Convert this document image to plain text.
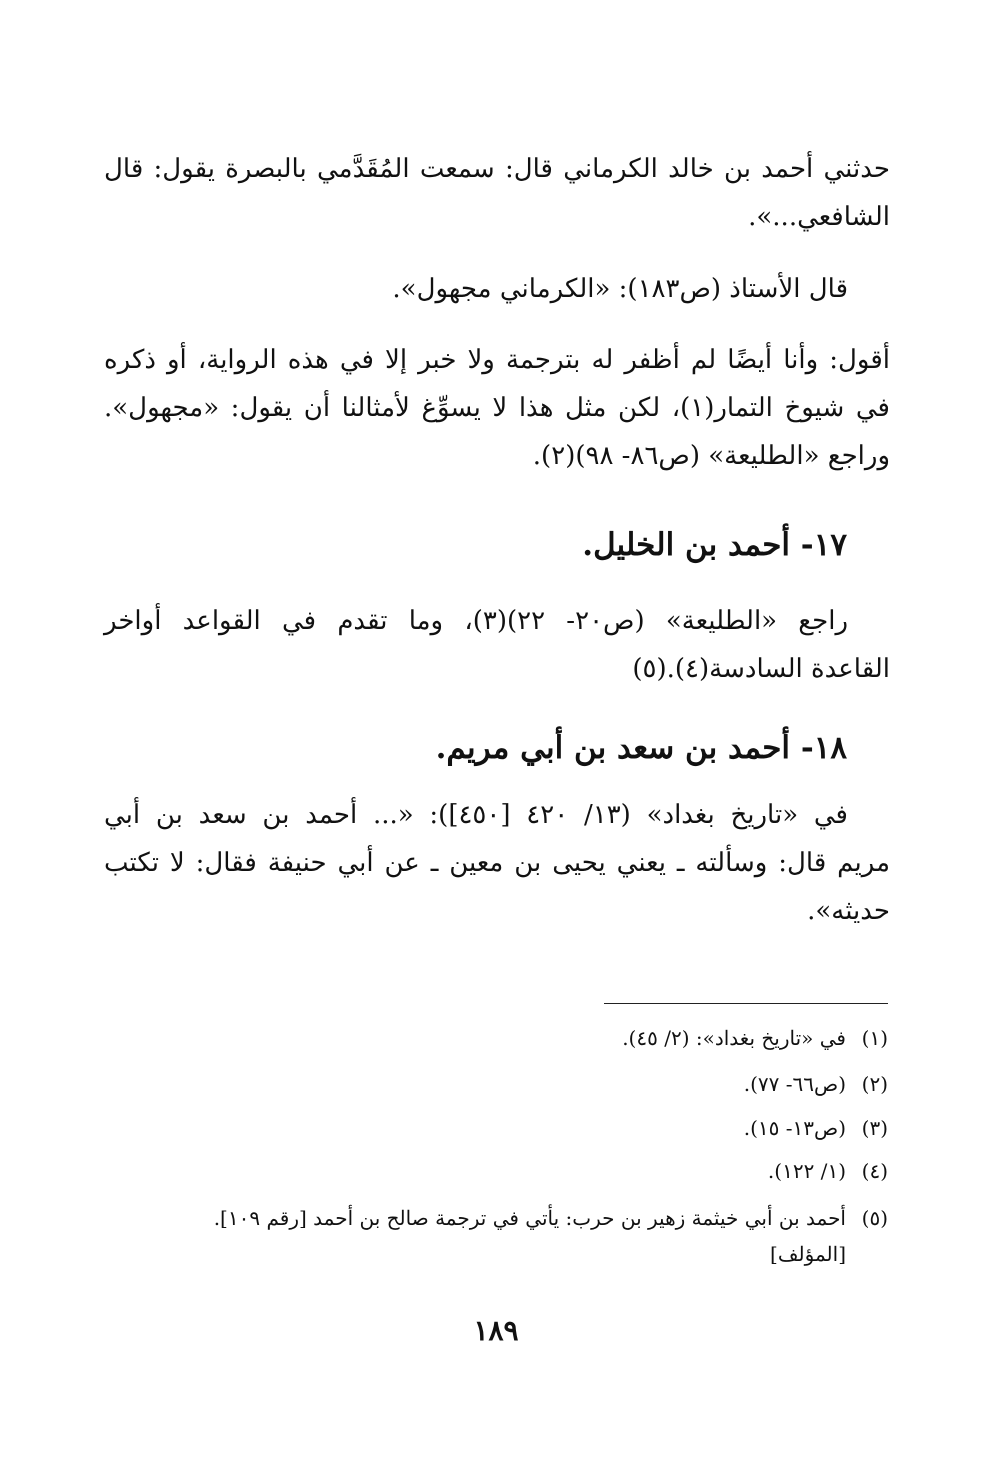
حدثني أحمد بن خالد الكرماني قال: سمعت المُقَدَّمي بالبصرة يقول: قال
الشافعي...».
قال الأستاذ (ص١٨٣): «الكرماني مجهول».
أقول: وأنا أيضًا لم أظفر له بترجمة ولا خبر إلا في هذه الرواية، أو ذكره
في شيوخ التمار(١)، لكن مثل هذا لا يسوِّغ لأمثالنا أن يقول: «مجهول».
وراجع «الطليعة» (ص٨٦- ٩٨)(٢).
١٧- أحمد بن الخليل.
راجع «الطليعة» (ص٢٠- ٢٢)(٣)، وما تقدم في القواعد أواخر
القاعدة السادسة(٤).(٥)
١٨- أحمد بن سعد بن أبي مريم.
في «تاريخ بغداد» (١٣/ ٤٢٠ [٤٥٠]): «... أحمد بن سعد بن أبي
مريم قال: وسألته ـ يعني يحيى بن معين ـ عن أبي حنيفة فقال: لا تكتب
حديثه».
(١)في «تاريخ بغداد»: (٢/ ٤٥).
(٢)(ص٦٦- ٧٧).
(٣)(ص١٣- ١٥).
(٤)(١/ ١٢٢).
(٥)أحمد بن أبي خيثمة زهير بن حرب: يأتي في ترجمة صالح بن أحمد [رقم ١٠٩].
[المؤلف]
١٨٩
